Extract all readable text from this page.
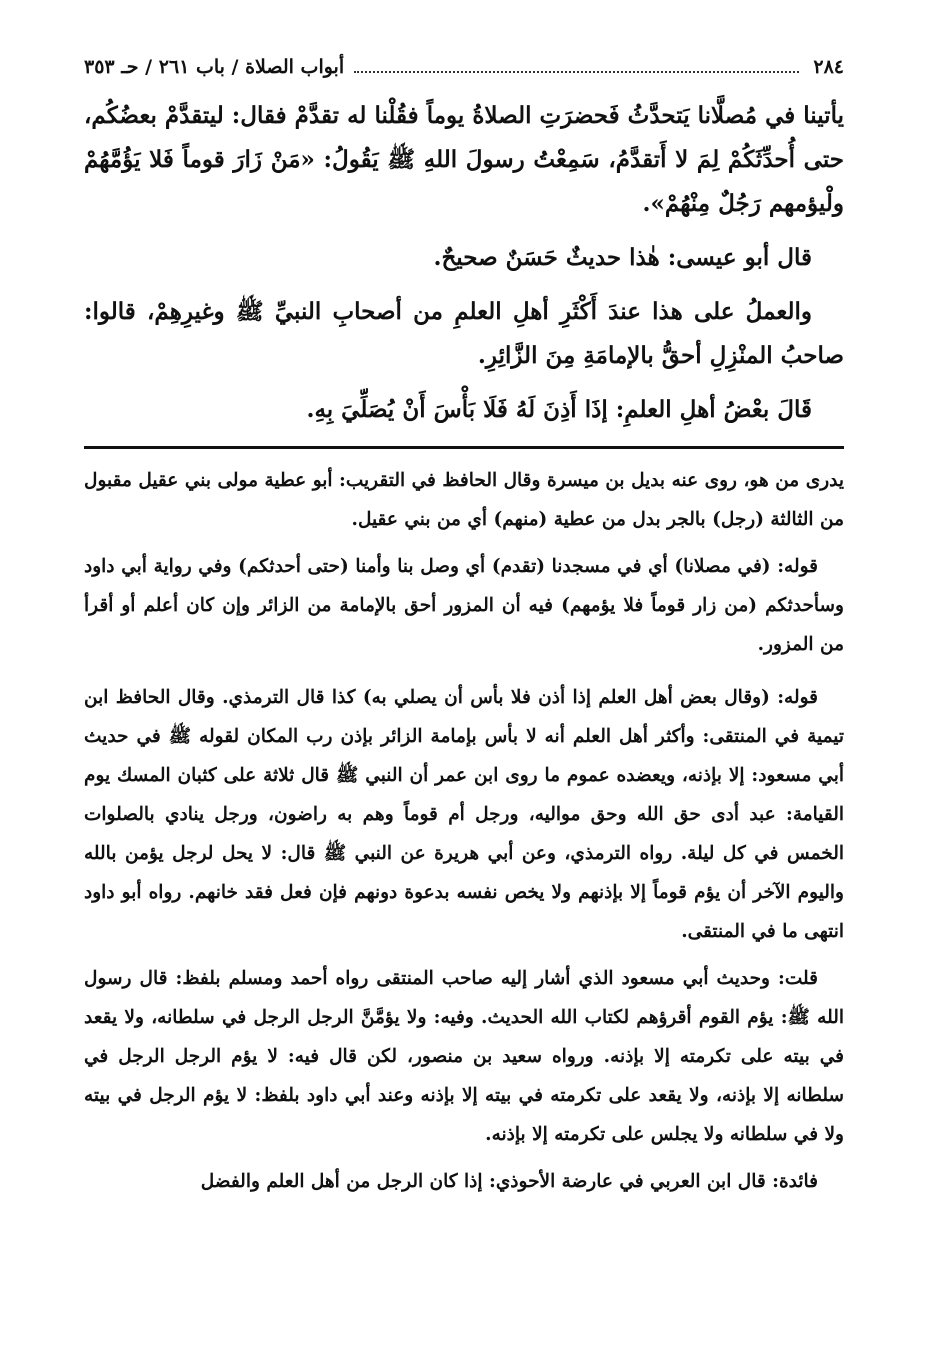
٢٨٤
أبواب الصلاة / باب ٢٦١ / حـ ٣٥٣

يأتينا في مُصلَّانا يَتحدَّثُ فَحضرَتِ الصلاةُ يوماً فقُلْنا له تقدَّمْ فقال: ليتقدَّمْ بعضُكُم، حتى أُحدِّثَكُمْ لِمَ لا أَتقدَّمُ، سَمِعْتُ رسولَ اللهِ ﷺ يَقُولُ: «مَنْ زَارَ قوماً فَلا يَؤُمَّهُمْ ولْيؤمهم رَجُلٌ مِنْهُمْ».

قال أبو عيسى: هٰذا حديثٌ حَسَنٌ صحيحٌ.

والعملُ على هذا عندَ أَكْثَرِ أهلِ العلمِ من أصحابِ النبيِّ ﷺ وغيرِهِمْ، قالوا: صاحبُ المنْزِلِ أحقُّ بالإمامَةِ مِنَ الزَّائِرِ.

قَالَ بعْضُ أهلِ العلمِ: إذَا أَذِنَ لَهُ فَلَا بَأْسَ أَنْ يُصَلِّيَ بِهِ.

يدرى من هو، روى عنه بديل بن ميسرة وقال الحافظ في التقريب: أبو عطية مولى بني عقيل مقبول من الثالثة (رجل) بالجر بدل من عطية (منهم) أي من بني عقيل.

قوله: (في مصلانا) أي في مسجدنا (تقدم) أي وصل بنا وأمنا (حتى أحدثكم) وفي رواية أبي داود وسأحدثكم (من زار قوماً فلا يؤمهم) فيه أن المزور أحق بالإمامة من الزائر وإن كان أعلم أو أقرأ من المزور.

قوله: (وقال بعض أهل العلم إذا أذن فلا بأس أن يصلي به) كذا قال الترمذي. وقال الحافظ ابن تيمية في المنتقى: وأكثر أهل العلم أنه لا بأس بإمامة الزائر بإذن رب المكان لقوله ﷺ في حديث أبي مسعود: إلا بإذنه، ويعضده عموم ما روى ابن عمر أن النبي ﷺ قال ثلاثة على كثبان المسك يوم القيامة: عبد أدى حق الله وحق مواليه، ورجل أم قوماً وهم به راضون، ورجل ينادي بالصلوات الخمس في كل ليلة. رواه الترمذي، وعن أبي هريرة عن النبي ﷺ قال: لا يحل لرجل يؤمن بالله واليوم الآخر أن يؤم قوماً إلا بإذنهم ولا يخص نفسه بدعوة دونهم فإن فعل فقد خانهم. رواه أبو داود انتهى ما في المنتقى.

قلت: وحديث أبي مسعود الذي أشار إليه صاحب المنتقى رواه أحمد ومسلم بلفظ: قال رسول الله ﷺ: يؤم القوم أقرؤهم لكتاب الله الحديث. وفيه: ولا يؤمَّنَّ الرجل الرجل في سلطانه، ولا يقعد في بيته على تكرمته إلا بإذنه. ورواه سعيد بن منصور، لكن قال فيه: لا يؤم الرجل الرجل في سلطانه إلا بإذنه، ولا يقعد على تكرمته في بيته إلا بإذنه وعند أبي داود بلفظ: لا يؤم الرجل في بيته ولا في سلطانه ولا يجلس على تكرمته إلا بإذنه.

فائدة: قال ابن العربي في عارضة الأحوذي: إذا كان الرجل من أهل العلم والفضل
